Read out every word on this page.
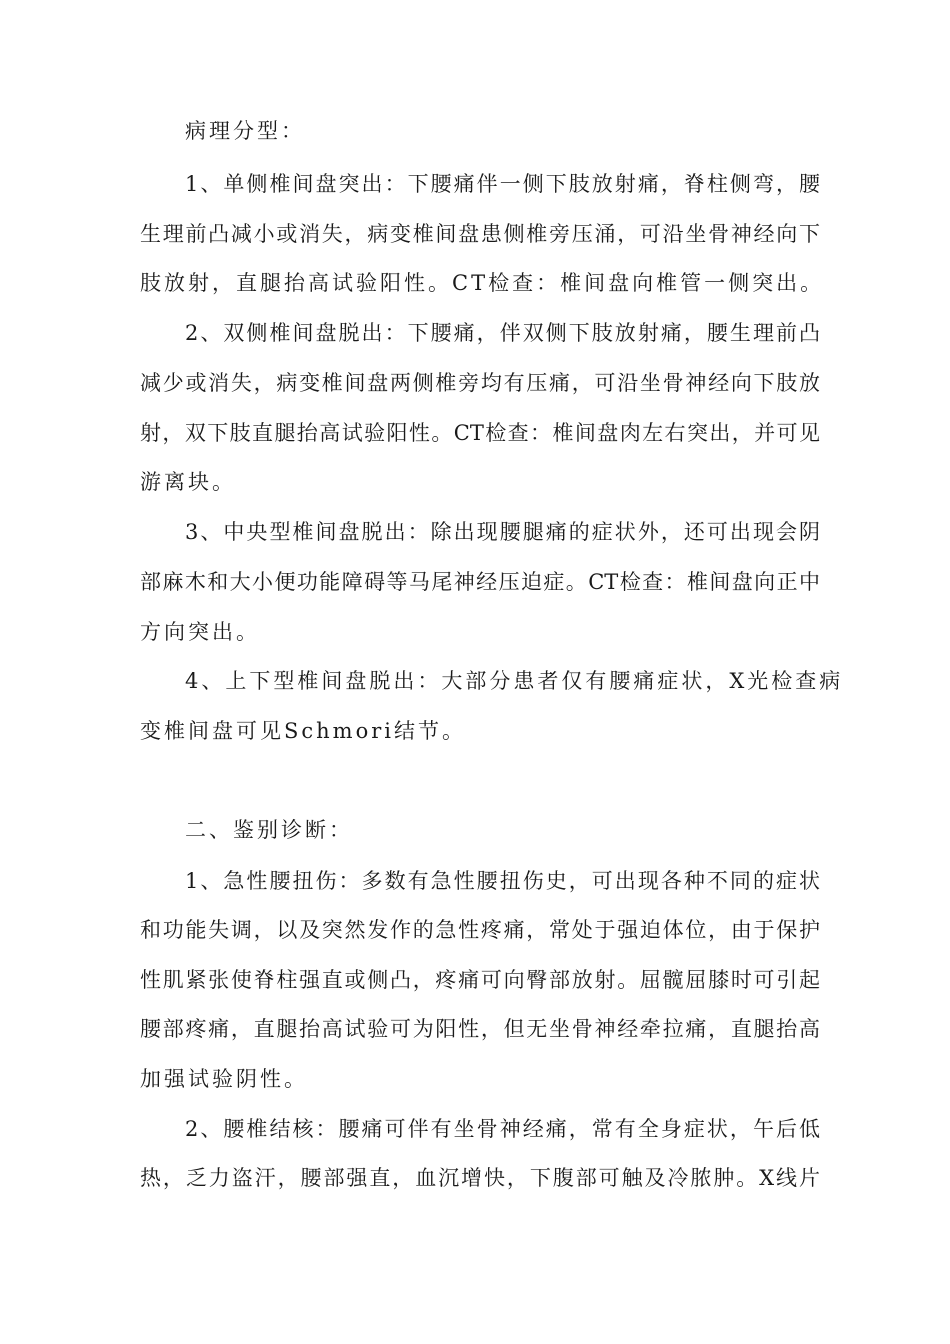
病理分型：
1、单侧椎间盘突出：下腰痛伴一侧下肢放射痛，脊柱侧弯，腰
生理前凸减小或消失，病变椎间盘患侧椎旁压涌，可沿坐骨神经向下
肢放射，直腿抬高试验阳性。CT检查：椎间盘向椎管一侧突出。
2、双侧椎间盘脱出：下腰痛，伴双侧下肢放射痛，腰生理前凸
减少或消失，病变椎间盘两侧椎旁均有压痛，可沿坐骨神经向下肢放
射，双下肢直腿抬高试验阳性。CT检查：椎间盘肉左右突出，并可见
游离块。
3、中央型椎间盘脱出：除出现腰腿痛的症状外，还可出现会阴
部麻木和大小便功能障碍等马尾神经压迫症。CT检查：椎间盘向正中
方向突出。
4、上下型椎间盘脱出：大部分患者仅有腰痛症状，X光检查病
变椎间盘可见Schmori结节。
二、鉴别诊断：
1、急性腰扭伤：多数有急性腰扭伤史，可出现各种不同的症状
和功能失调，以及突然发作的急性疼痛，常处于强迫体位，由于保护
性肌紧张使脊柱强直或侧凸，疼痛可向臀部放射。屈髋屈膝时可引起
腰部疼痛，直腿抬高试验可为阳性，但无坐骨神经牵拉痛，直腿抬高
加强试验阴性。
2、腰椎结核：腰痛可伴有坐骨神经痛，常有全身症状，午后低
热，乏力盗汗，腰部强直，血沉增快，下腹部可触及冷脓肿。X线片
